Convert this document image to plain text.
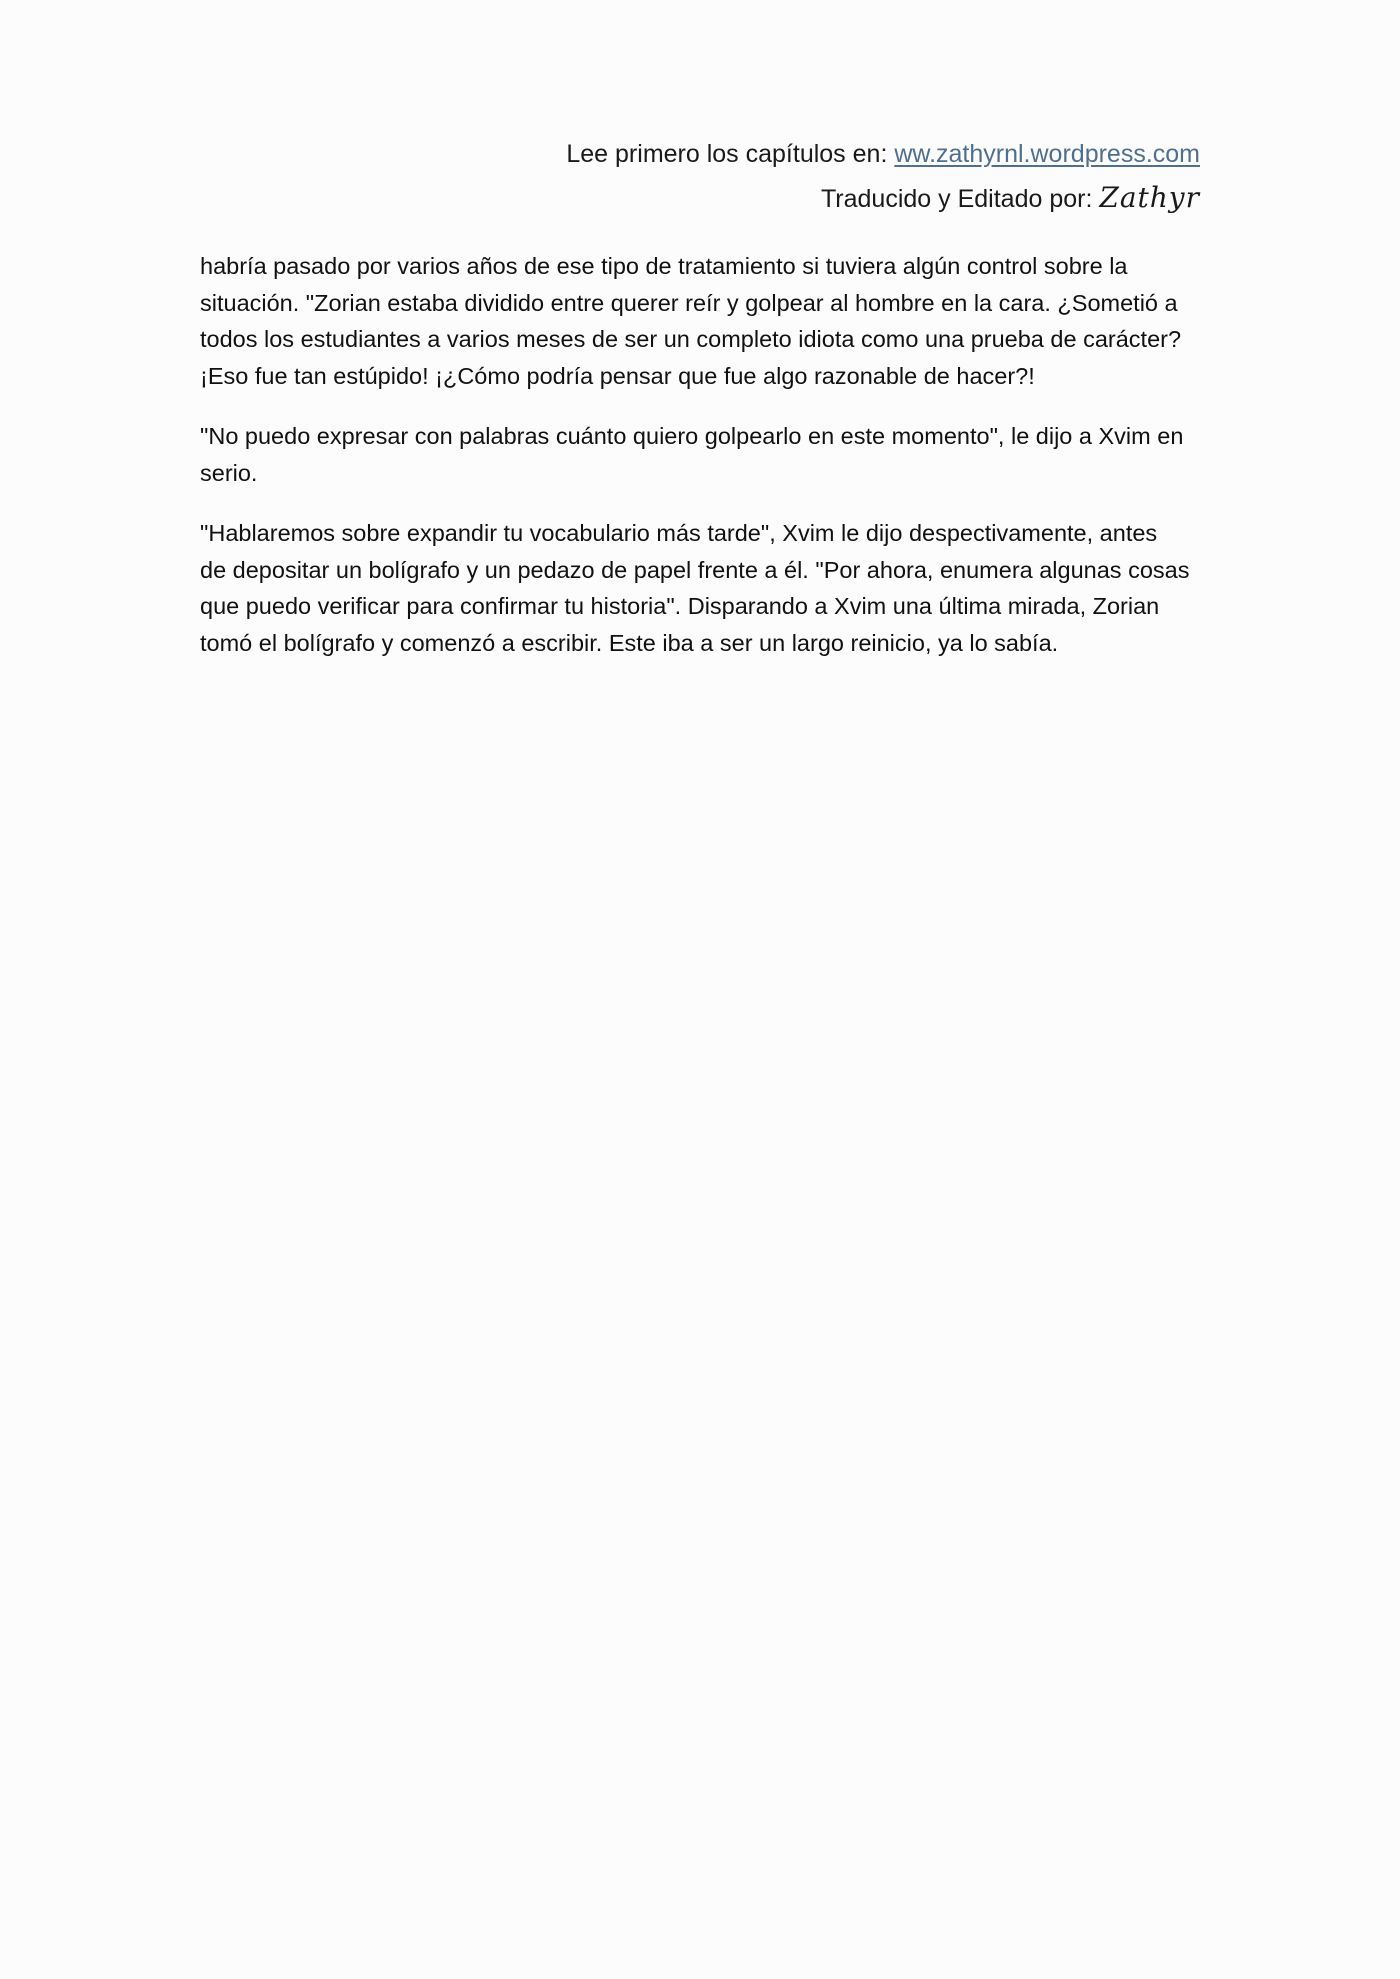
Lee primero los capítulos en: ww.zathyrnl.wordpress.com
Traducido y Editado por: Zathyr

habría pasado por varios años de ese tipo de tratamiento si tuviera algún control sobre la
situación. "Zorian estaba dividido entre querer reír y golpear al hombre en la cara. ¿Sometió a
todos los estudiantes a varios meses de ser un completo idiota como una prueba de carácter?
¡Eso fue tan estúpido! ¡¿Cómo podría pensar que fue algo razonable de hacer?!

"No puedo expresar con palabras cuánto quiero golpearlo en este momento", le dijo a Xvim en
serio.

"Hablaremos sobre expandir tu vocabulario más tarde", Xvim le dijo despectivamente, antes
de depositar un bolígrafo y un pedazo de papel frente a él. "Por ahora, enumera algunas cosas
que puedo verificar para confirmar tu historia". Disparando a Xvim una última mirada, Zorian
tomó el bolígrafo y comenzó a escribir. Este iba a ser un largo reinicio, ya lo sabía.
